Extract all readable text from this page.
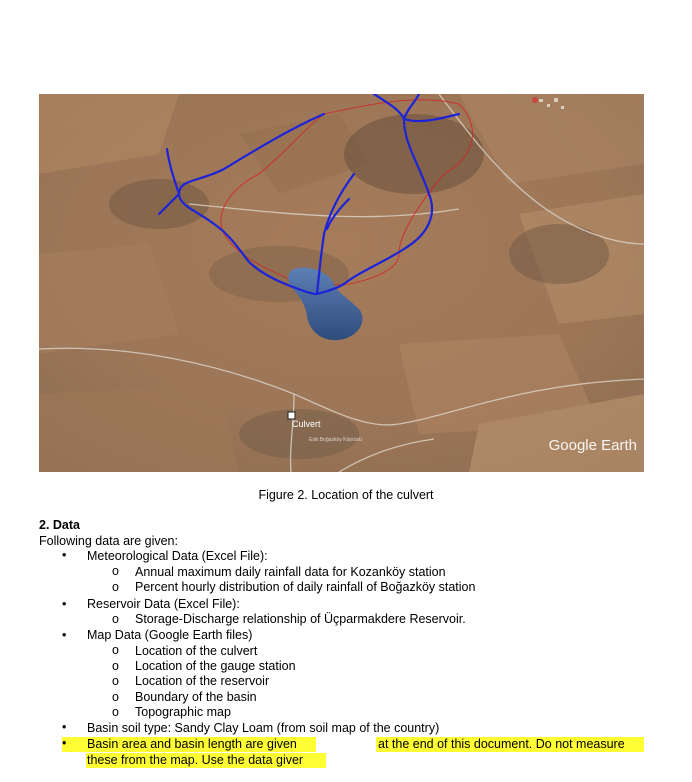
Culvert
Eski Boğazköy Köprüsü	Google Earth
Figure 2. Location of the culvert
2. Data
Following data are given:
• Meteorological Data (Excel File):
o Annual maximum daily rainfall data for Kozanköy station
o Percent hourly distribution of daily rainfall of Boğazköy station
• Reservoir Data (Excel File):
o Storage-Discharge relationship of Üçparmakdere Reservoir.
• Map Data (Google Earth files)
o Location of the culvert
o Location of the gauge station
o Location of the reservoir
o Boundary of the basin
o Topographic map
• Basin soil type: Sandy Clay Loam (from soil map of the country)
• Basin area and basin length are given	at the end of this document. Do not measure
these from the map. Use the data giver
